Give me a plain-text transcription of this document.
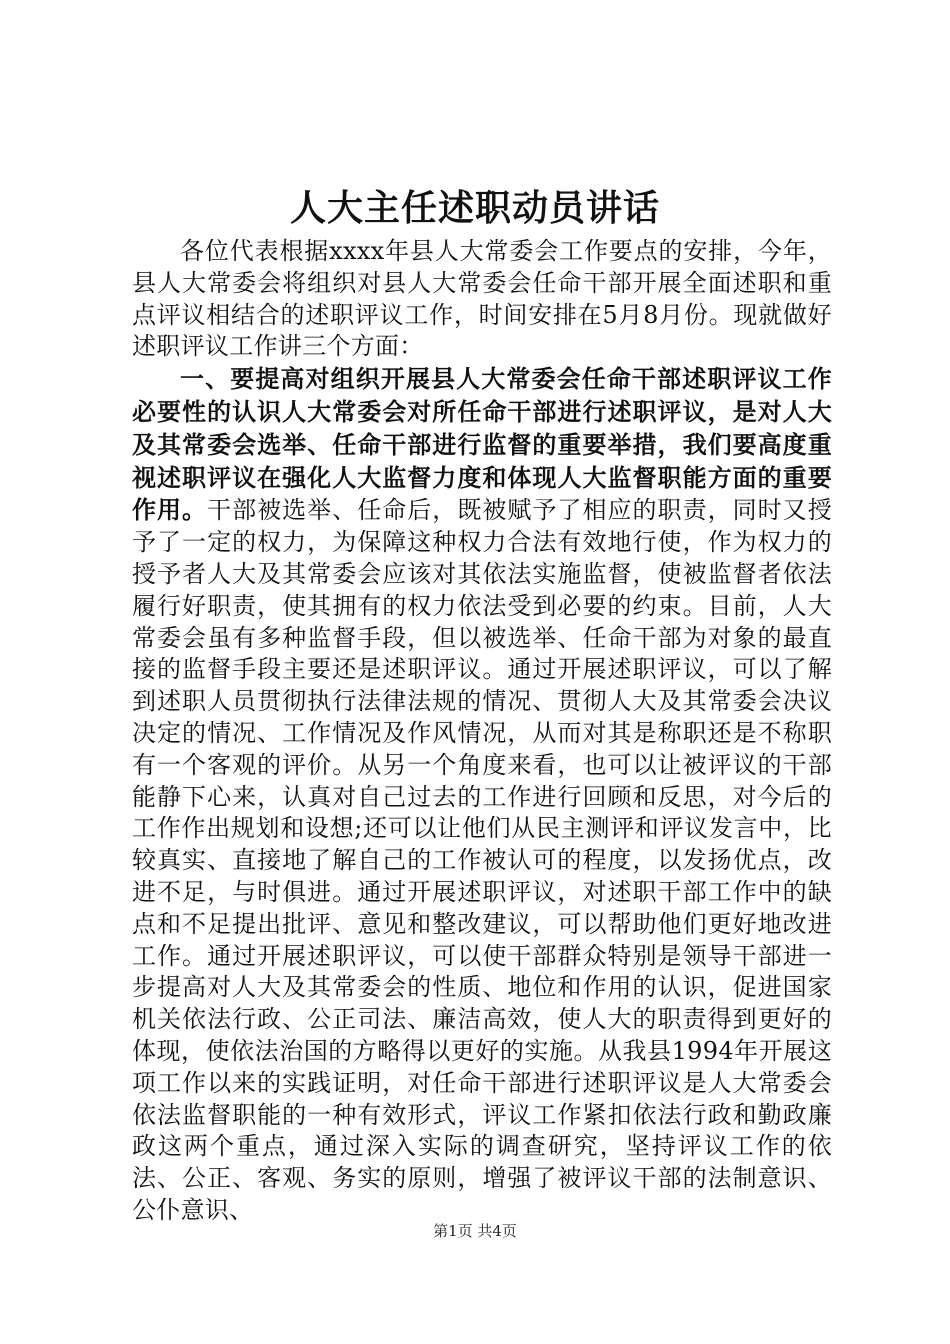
人大主任述职动员讲话

各位代表根据xxxx年县人大常委会工作要点的安排，今年，县人大常委会将组织对县人大常委会任命干部开展全面述职和重点评议相结合的述职评议工作，时间安排在5月8月份。现就做好述职评议工作讲三个方面：

一、要提高对组织开展县人大常委会任命干部述职评议工作必要性的认识人大常委会对所任命干部进行述职评议，是对人大及其常委会选举、任命干部进行监督的重要举措，我们要高度重视述职评议在强化人大监督力度和体现人大监督职能方面的重要作用。干部被选举、任命后，既被赋予了相应的职责，同时又授予了一定的权力，为保障这种权力合法有效地行使，作为权力的授予者人大及其常委会应该对其依法实施监督，使被监督者依法履行好职责，使其拥有的权力依法受到必要的约束。目前，人大常委会虽有多种监督手段，但以被选举、任命干部为对象的最直接的监督手段主要还是述职评议。通过开展述职评议，可以了解到述职人员贯彻执行法律法规的情况、贯彻人大及其常委会决议决定的情况、工作情况及作风情况，从而对其是称职还是不称职有一个客观的评价。从另一个角度来看，也可以让被评议的干部能静下心来，认真对自己过去的工作进行回顾和反思，对今后的工作作出规划和设想;还可以让他们从民主测评和评议发言中，比较真实、直接地了解自己的工作被认可的程度，以发扬优点，改进不足，与时俱进。通过开展述职评议，对述职干部工作中的缺点和不足提出批评、意见和整改建议，可以帮助他们更好地改进工作。通过开展述职评议，可以使干部群众特别是领导干部进一步提高对人大及其常委会的性质、地位和作用的认识，促进国家机关依法行政、公正司法、廉洁高效，使人大的职责得到更好的体现，使依法治国的方略得以更好的实施。从我县1994年开展这项工作以来的实践证明，对任命干部进行述职评议是人大常委会依法监督职能的一种有效形式，评议工作紧扣依法行政和勤政廉政这两个重点，通过深入实际的调查研究，坚持评议工作的依法、公正、客观、务实的原则，增强了被评议干部的法制意识、公仆意识、

第1页 共4页
